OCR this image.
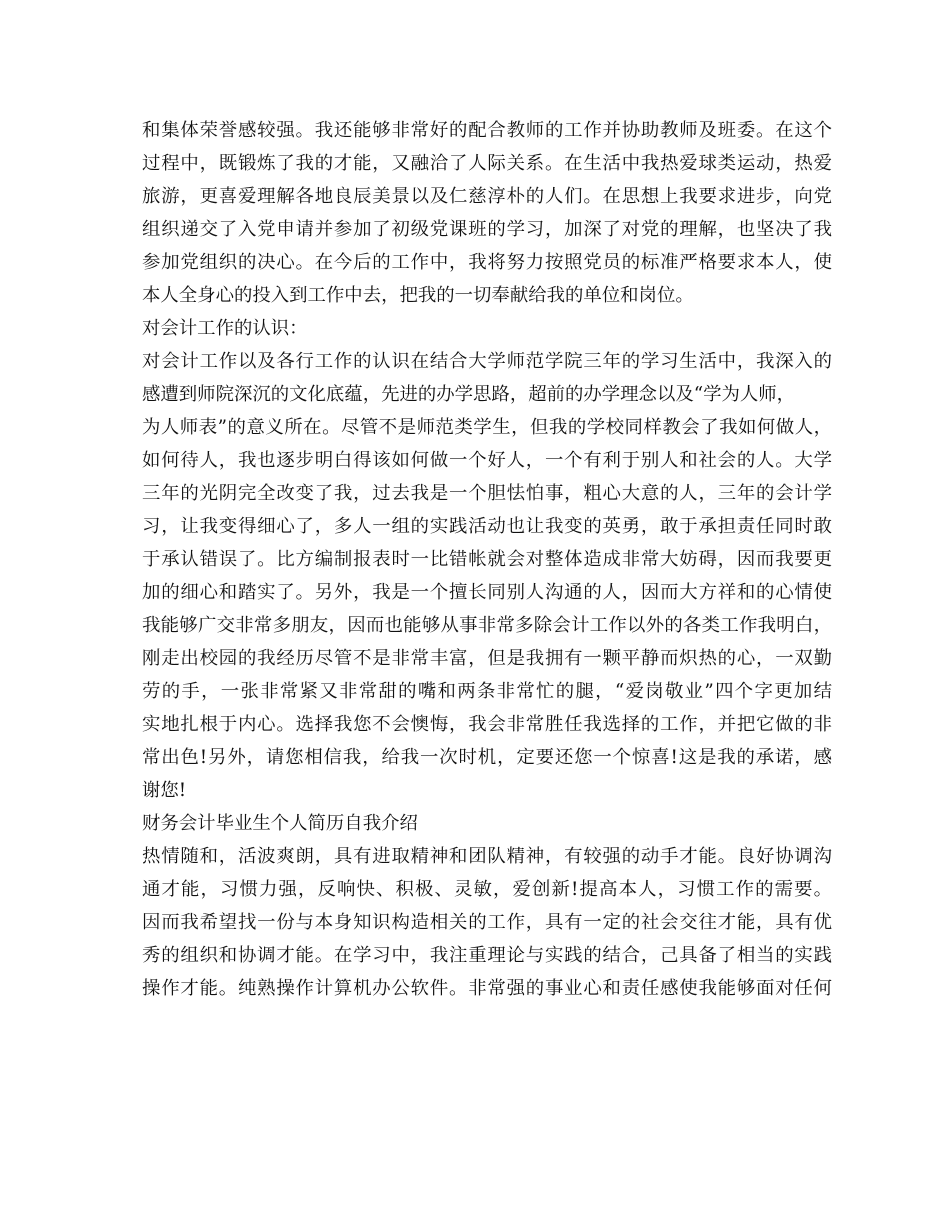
和集体荣誉感较强。我还能够非常好的配合教师的工作并协助教师及班委。在这个
过程中，既锻炼了我的才能，又融洽了人际关系。在生活中我热爱球类运动，热爱
旅游，更喜爱理解各地良辰美景以及仁慈淳朴的人们。在思想上我要求进步，向党
组织递交了入党申请并参加了初级党课班的学习，加深了对党的理解，也坚决了我
参加党组织的决心。在今后的工作中，我将努力按照党员的标准严格要求本人，使
本人全身心的投入到工作中去，把我的一切奉献给我的单位和岗位。
对会计工作的认识：
对会计工作以及各行工作的认识在结合大学师范学院三年的学习生活中，我深入的
感遭到师院深沉的文化底蕴，先进的办学思路，超前的办学理念以及“学为人师，
为人师表”的意义所在。尽管不是师范类学生，但我的学校同样教会了我如何做人，
如何待人，我也逐步明白得该如何做一个好人，一个有利于别人和社会的人。大学
三年的光阴完全改变了我，过去我是一个胆怯怕事，粗心大意的人，三年的会计学
习，让我变得细心了，多人一组的实践活动也让我变的英勇，敢于承担责任同时敢
于承认错误了。比方编制报表时一比错帐就会对整体造成非常大妨碍，因而我要更
加的细心和踏实了。另外，我是一个擅长同别人沟通的人，因而大方祥和的心情使
我能够广交非常多朋友，因而也能够从事非常多除会计工作以外的各类工作我明白，
刚走出校园的我经历尽管不是非常丰富，但是我拥有一颗平静而炽热的心，一双勤
劳的手，一张非常紧又非常甜的嘴和两条非常忙的腿，“爱岗敬业”四个字更加结
实地扎根于内心。选择我您不会懊悔，我会非常胜任我选择的工作，并把它做的非
常出色!另外，请您相信我，给我一次时机，定要还您一个惊喜!这是我的承诺，感
谢您!
财务会计毕业生个人简历自我介绍
热情随和，活波爽朗，具有进取精神和团队精神，有较强的动手才能。良好协调沟
通才能，习惯力强，反响快、积极、灵敏，爱创新!提高本人，习惯工作的需要。
因而我希望找一份与本身知识构造相关的工作，具有一定的社会交往才能，具有优
秀的组织和协调才能。在学习中，我注重理论与实践的结合，己具备了相当的实践
操作才能。纯熟操作计算机办公软件。非常强的事业心和责任感使我能够面对任何
